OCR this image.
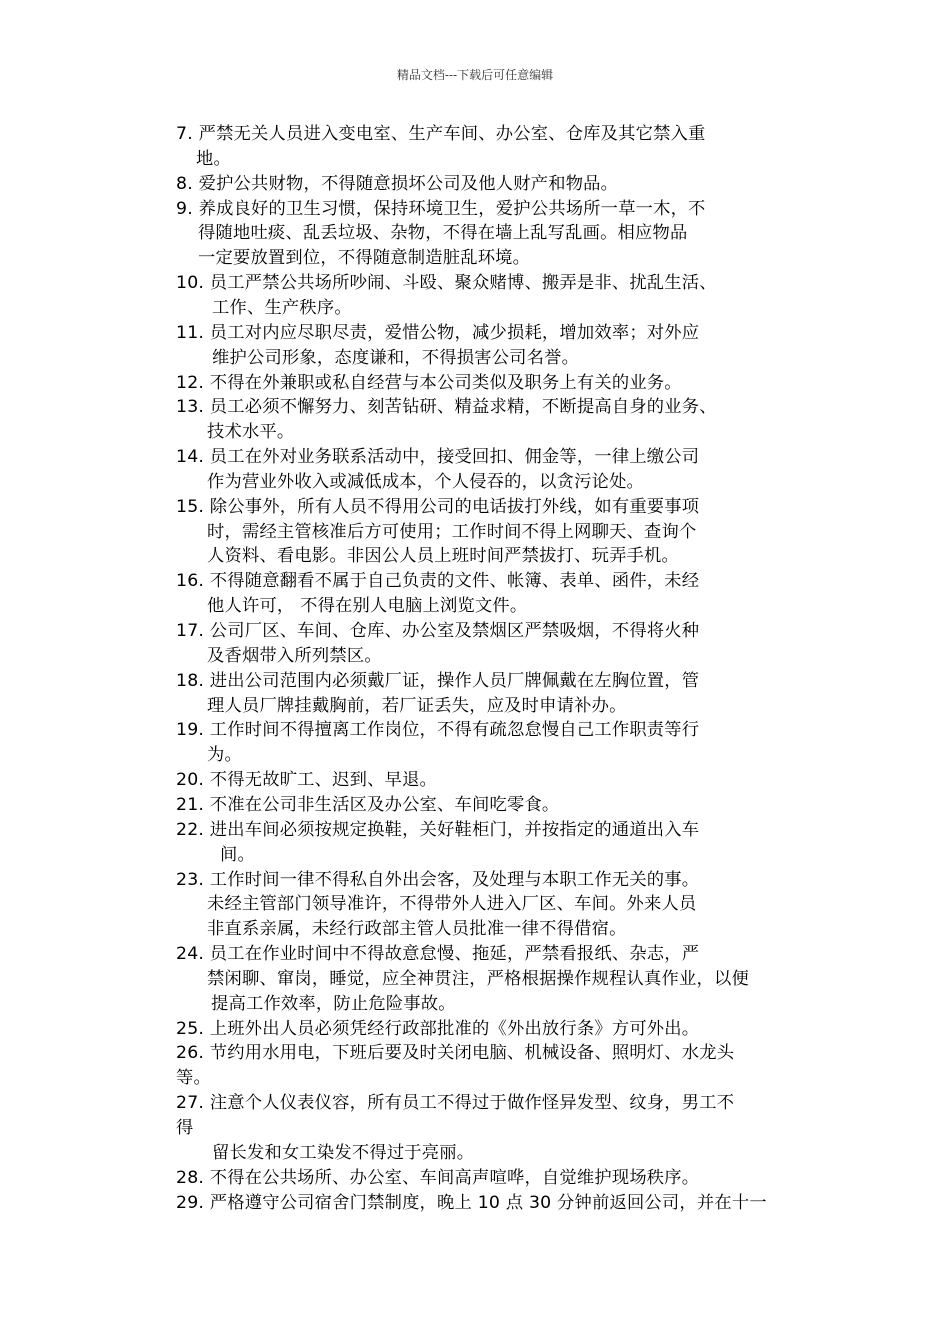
精品文档---下载后可任意编辑
7. 严禁无关人员进入变电室、生产车间、办公室、仓库及其它禁入重
地。
8. 爱护公共财物，不得随意损坏公司及他人财产和物品。
9. 养成良好的卫生习惯，保持环境卫生，爱护公共场所一草一木，不
得随地吐痰、乱丢垃圾、杂物，不得在墙上乱写乱画。相应物品
一定要放置到位，不得随意制造脏乱环境。
10. 员工严禁公共场所吵闹、斗殴、聚众赌博、搬弄是非、扰乱生活、
工作、生产秩序。
11. 员工对内应尽职尽责，爱惜公物，减少损耗，增加效率；对外应
维护公司形象，态度谦和，不得损害公司名誉。
12. 不得在外兼职或私自经营与本公司类似及职务上有关的业务。
13. 员工必须不懈努力、刻苦钻研、精益求精，不断提高自身的业务、
技术水平。
14. 员工在外对业务联系活动中，接受回扣、佣金等，一律上缴公司
作为营业外收入或减低成本，个人侵吞的，以贪污论处。
15. 除公事外，所有人员不得用公司的电话拔打外线，如有重要事项
时，需经主管核准后方可使用；工作时间不得上网聊天、查询个
人资料、看电影。非因公人员上班时间严禁拔打、玩弄手机。
16. 不得随意翻看不属于自己负责的文件、帐簿、表单、函件，未经
他人许可， 不得在别人电脑上浏览文件。
17. 公司厂区、车间、仓库、办公室及禁烟区严禁吸烟，不得将火种
及香烟带入所列禁区。
18. 进出公司范围内必须戴厂证，操作人员厂牌佩戴在左胸位置，管
理人员厂牌挂戴胸前，若厂证丢失，应及时申请补办。
19. 工作时间不得擅离工作岗位，不得有疏忽怠慢自己工作职责等行
为。
20. 不得无故旷工、迟到、早退。
21. 不准在公司非生活区及办公室、车间吃零食。
22. 进出车间必须按规定换鞋，关好鞋柜门，并按指定的通道出入车
间。
23. 工作时间一律不得私自外出会客，及处理与本职工作无关的事。
未经主管部门领导准许，不得带外人进入厂区、车间。外来人员
非直系亲属，未经行政部主管人员批准一律不得借宿。
24. 员工在作业时间中不得故意怠慢、拖延，严禁看报纸、杂志，严
禁闲聊、窜岗，睡觉，应全神贯注，严格根据操作规程认真作业，以便
提高工作效率，防止危险事故。
25. 上班外出人员必须凭经行政部批准的《外出放行条》方可外出。
26. 节约用水用电，下班后要及时关闭电脑、机械设备、照明灯、水龙头
等。
27. 注意个人仪表仪容，所有员工不得过于做作怪异发型、纹身，男工不
得
留长发和女工染发不得过于亮丽。
28. 不得在公共场所、办公室、车间高声喧哗，自觉维护现场秩序。
29. 严格遵守公司宿舍门禁制度，晚上 10 点 30 分钟前返回公司，并在十一
